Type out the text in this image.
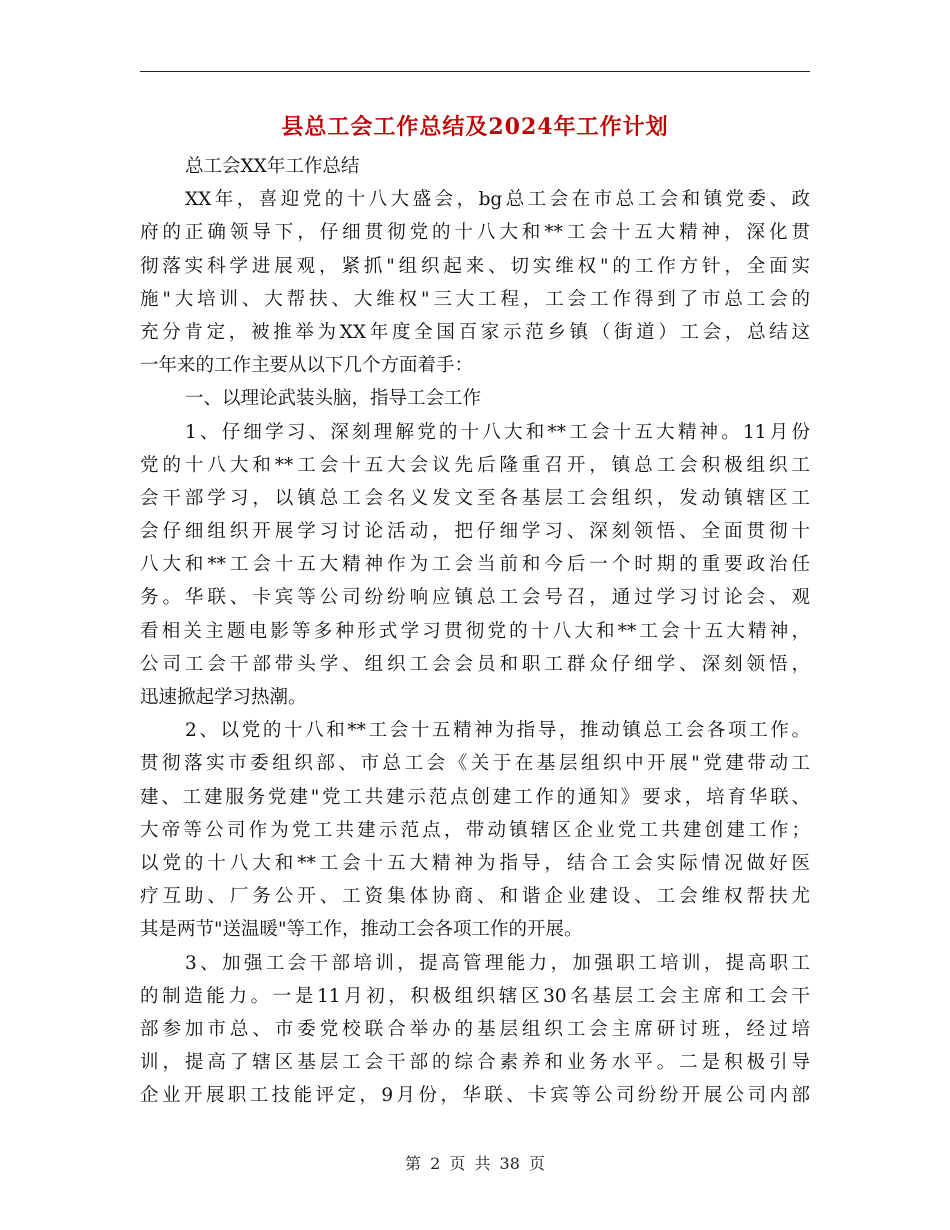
县总工会工作总结及2024年工作计划
总工会XX年工作总结
XX年，喜迎党的十八大盛会，bg总工会在市总工会和镇党委、政
府的正确领导下，仔细贯彻党的十八大和**工会十五大精神，深化贯
彻落实科学进展观，紧抓"组织起来、切实维权"的工作方针，全面实
施"大培训、大帮扶、大维权"三大工程，工会工作得到了市总工会的
充分肯定，被推举为XX年度全国百家示范乡镇（街道）工会，总结这
一年来的工作主要从以下几个方面着手：
一、以理论武装头脑，指导工会工作
1、仔细学习、深刻理解党的十八大和**工会十五大精神。11月份
党的十八大和**工会十五大会议先后隆重召开，镇总工会积极组织工
会干部学习，以镇总工会名义发文至各基层工会组织，发动镇辖区工
会仔细组织开展学习讨论活动，把仔细学习、深刻领悟、全面贯彻十
八大和**工会十五大精神作为工会当前和今后一个时期的重要政治任
务。华联、卡宾等公司纷纷响应镇总工会号召，通过学习讨论会、观
看相关主题电影等多种形式学习贯彻党的十八大和**工会十五大精神，
公司工会干部带头学、组织工会会员和职工群众仔细学、深刻领悟，
迅速掀起学习热潮。
2、以党的十八和**工会十五精神为指导，推动镇总工会各项工作。
贯彻落实市委组织部、市总工会《关于在基层组织中开展"党建带动工
建、工建服务党建"党工共建示范点创建工作的通知》要求，培育华联、
大帝等公司作为党工共建示范点，带动镇辖区企业党工共建创建工作；
以党的十八大和**工会十五大精神为指导，结合工会实际情况做好医
疗互助、厂务公开、工资集体协商、和谐企业建设、工会维权帮扶尤
其是两节"送温暖"等工作，推动工会各项工作的开展。
3、加强工会干部培训，提高管理能力，加强职工培训，提高职工
的制造能力。一是11月初，积极组织辖区30名基层工会主席和工会干
部参加市总、市委党校联合举办的基层组织工会主席研讨班，经过培
训，提高了辖区基层工会干部的综合素养和业务水平。二是积极引导
企业开展职工技能评定，9月份，华联、卡宾等公司纷纷开展公司内部
第 2 页 共 38 页
